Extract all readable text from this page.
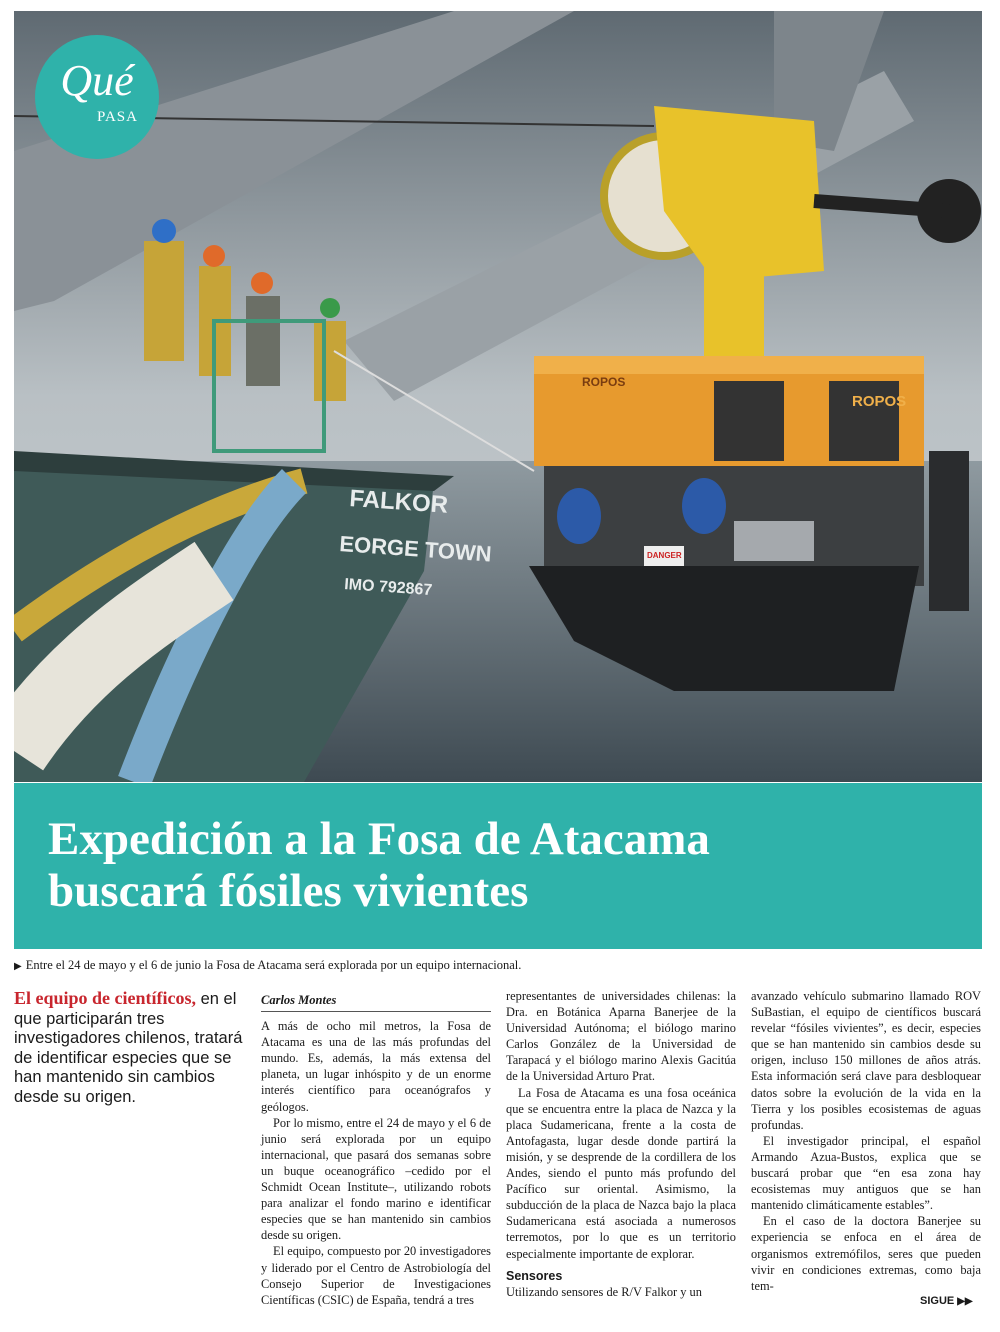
FALKOR
EORGE TOWN
IMO 792867
ROPOS
ROPOS
DANGER
Qué
PASA
Expedición a la Fosa de Atacama
buscará fósiles vivientes
▶ Entre el 24 de mayo y el 6 de junio la Fosa de Atacama será explorada por un equipo internacional.
El equipo de científicos, en el que participarán tres investigadores chilenos, tratará de identificar especies que se han mantenido sin cambios desde su origen.
Carlos Montes

A más de ocho mil metros, la Fosa de Atacama es una de las más profundas del mundo. Es, además, la más extensa del planeta, un lugar inhóspito y de un enorme interés científico para oceanógrafos y geólogos.

Por lo mismo, entre el 24 de mayo y el 6 de junio será explorada por un equipo internacional, que pasará dos semanas sobre un buque oceanográfico –cedido por el Schmidt Ocean Institute–, utilizando robots para analizar el fondo marino e identificar especies que se han mantenido sin cambios desde su origen.

El equipo, compuesto por 20 investigadores y liderado por el Centro de Astrobiología del Consejo Superior de Investigaciones Científicas (CSIC) de España, tendrá a tres

representantes de universidades chilenas: la Dra. en Botánica Aparna Banerjee de la Universidad Autónoma; el biólogo marino Carlos González de la Universidad de Tarapacá y el biólogo marino Alexis Gacitúa de la Universidad Arturo Prat.

La Fosa de Atacama es una fosa oceánica que se encuentra entre la placa de Nazca y la placa Sudamericana, frente a la costa de Antofagasta, lugar desde donde partirá la misión, y se desprende de la cordillera de los Andes, siendo el punto más profundo del Pacífico sur oriental. Asimismo, la subducción de la placa de Nazca bajo la placa Sudamericana está asociada a numerosos terremotos, por lo que es un territorio especialmente importante de explorar.

Sensores

Utilizando sensores de R/V Falkor y un

avanzado vehículo submarino llamado ROV SuBastian, el equipo de científicos buscará revelar “fósiles vivientes”, es decir, especies que se han mantenido sin cambios desde su origen, incluso 150 millones de años atrás. Esta información será clave para desbloquear datos sobre la evolución de la vida en la Tierra y los posibles ecosistemas de aguas profundas.

El investigador principal, el español Armando Azua-Bustos, explica que se buscará probar que “en esa zona hay ecosistemas muy antiguos que se han mantenido climáticamente estables”.

En el caso de la doctora Banerjee su experiencia se enfoca en el área de organismos extremófilos, seres que pueden vivir en condiciones extremas, como baja tem-

SIGUE ▶▶
